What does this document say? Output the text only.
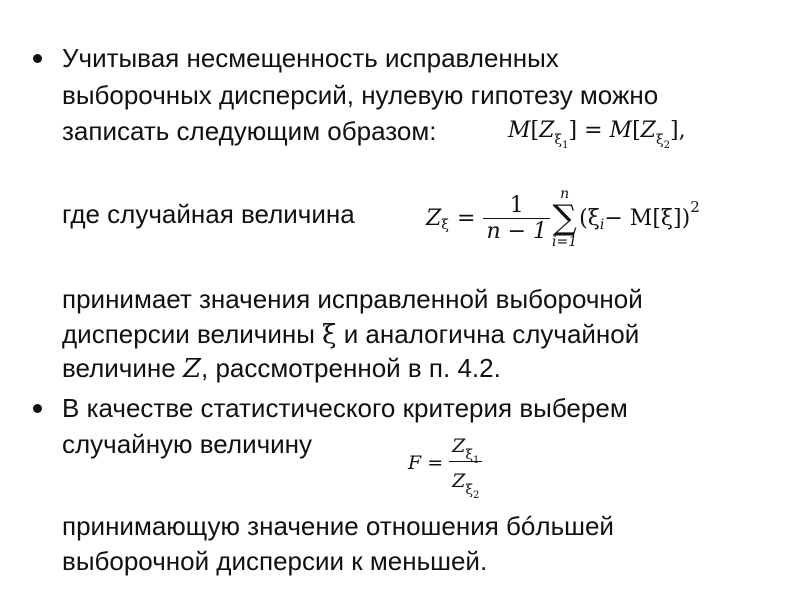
Учитывая несмещенность исправленных
выборочных дисперсий, нулевую гипотезу можно
записать следующим образом:	$M[Z_{\xi_1}] = M[Z_{\xi_2}]$,
где случайная величина	Z $\xi = \frac{1}{n - 1}$ n
∑
i=1
(ξ i − M[ξ]) 2
принимает значения исправленной выборочной
дисперсии величины ξ и аналогична случайной
величине Z, рассмотренной в п. 4.2.
В качестве статистического критерия выберем
случайную величину
$F = \frac{Z_{\xi_1}}{Z_{\xi_2}}$
принимающую значение отношения бóльшей
выборочной дисперсии к меньшей.
